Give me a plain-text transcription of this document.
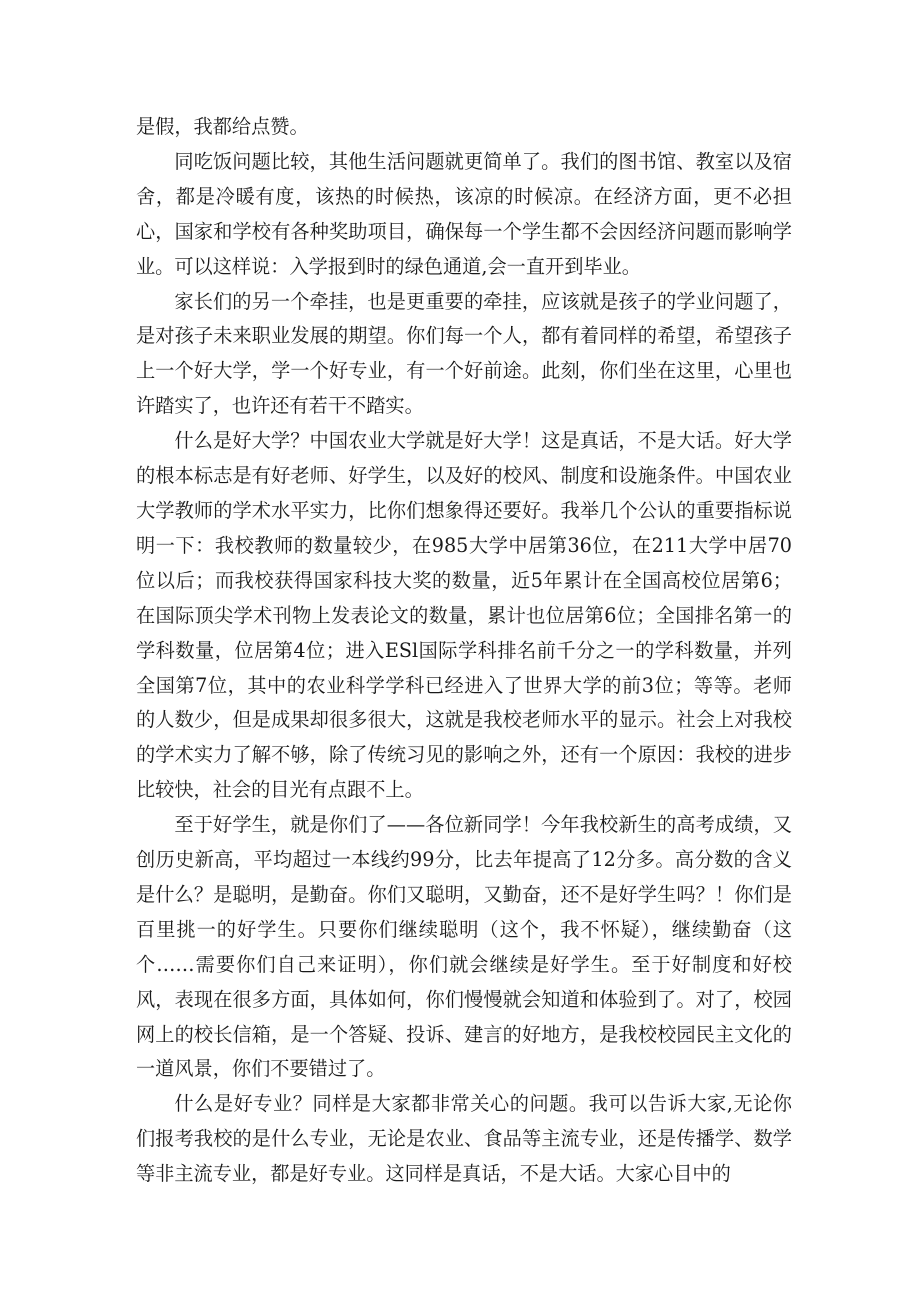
是假，我都给点赞。

同吃饭问题比较，其他生活问题就更简单了。我们的图书馆、教室以及宿舍，都是冷暖有度，该热的时候热，该凉的时候凉。在经济方面，更不必担心，国家和学校有各种奖助项目，确保每一个学生都不会因经济问题而影响学业。可以这样说：入学报到时的绿色通道,会一直开到毕业。

家长们的另一个牵挂，也是更重要的牵挂，应该就是孩子的学业问题了，是对孩子未来职业发展的期望。你们每一个人，都有着同样的希望，希望孩子上一个好大学，学一个好专业，有一个好前途。此刻，你们坐在这里，心里也许踏实了，也许还有若干不踏实。

什么是好大学？中国农业大学就是好大学！这是真话，不是大话。好大学的根本标志是有好老师、好学生，以及好的校风、制度和设施条件。中国农业大学教师的学术水平实力，比你们想象得还要好。我举几个公认的重要指标说明一下：我校教师的数量较少，在985大学中居第36位，在211大学中居70位以后；而我校获得国家科技大奖的数量，近5年累计在全国高校位居第6；在国际顶尖学术刊物上发表论文的数量，累计也位居第6位；全国排名第一的学科数量，位居第4位；进入ESl国际学科排名前千分之一的学科数量，并列全国第7位，其中的农业科学学科已经进入了世界大学的前3位；等等。老师的人数少，但是成果却很多很大，这就是我校老师水平的显示。社会上对我校的学术实力了解不够，除了传统习见的影响之外，还有一个原因：我校的进步比较快，社会的目光有点跟不上。

至于好学生，就是你们了——各位新同学！今年我校新生的高考成绩，又创历史新高，平均超过一本线约99分，比去年提高了12分多。高分数的含义是什么？是聪明，是勤奋。你们又聪明，又勤奋，还不是好学生吗？！你们是百里挑一的好学生。只要你们继续聪明（这个，我不怀疑），继续勤奋（这个……需要你们自己来证明），你们就会继续是好学生。至于好制度和好校风，表现在很多方面，具体如何，你们慢慢就会知道和体验到了。对了，校园网上的校长信箱，是一个答疑、投诉、建言的好地方，是我校校园民主文化的一道风景，你们不要错过了。

什么是好专业？同样是大家都非常关心的问题。我可以告诉大家,无论你们报考我校的是什么专业，无论是农业、食品等主流专业，还是传播学、数学等非主流专业，都是好专业。这同样是真话，不是大话。大家心目中的
